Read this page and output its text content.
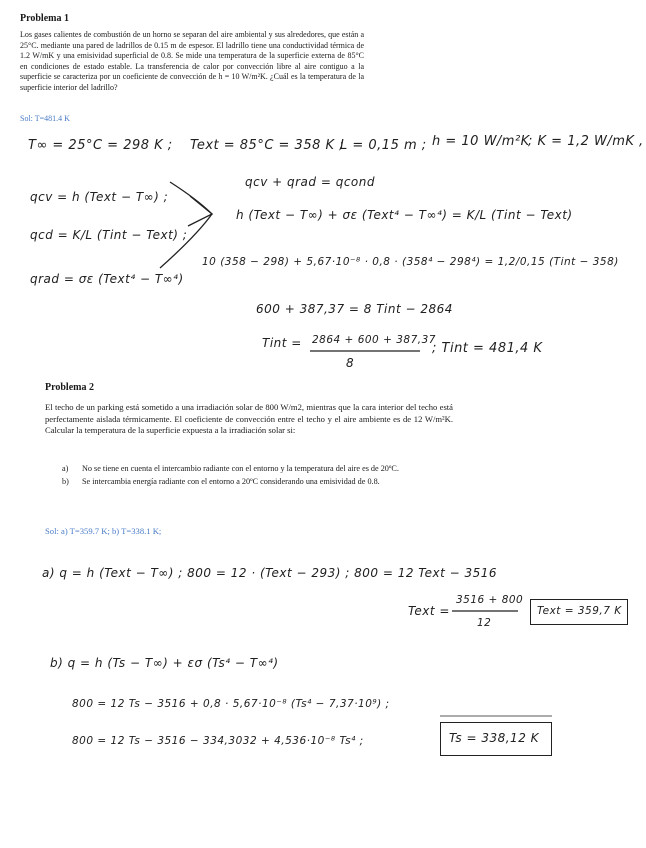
Problema 1
Los gases calientes de combustión de un horno se separan del aire ambiental y sus alrededores, que están a 25°C. mediante una pared de ladrillos de 0.15 m de espesor. El ladrillo tiene una conductividad térmica de 1.2 W/mK y una emisividad superficial de 0.8. Se mide una temperatura de la superficie externa de 85°C en condiciones de estado estable. La transferencia de calor por convección libre al aire contiguo a la superficie se caracteriza por un coeficiente de convección de h = 10 W/m²K. ¿Cuál es la temperatura de la superficie interior del ladrillo?
Sol: T=481.4 K
T∞ = 25°C = 298 K ; Text = 85°C = 358 K ;
L = 0,15 m ; h = 10 W/m²K
; K = 1,2 W/mK ,
qcv = h (Text − T∞) ;
qcd = K/L (Tint − Text) ;
qrad = σε (Text⁴ − T∞⁴)
qcv + qrad = qcond
h (Text − T∞) + σε (Text⁴ − T∞⁴) = K/L (Tint − Text)
10 (358 − 298) + 5,67·10⁻⁸ · 0,8 · (358⁴ − 298⁴) = 1,2/0,15 (Tint − 358)
600 + 387,37 = 8 Tint − 2864
Tint = 2864 + 600 + 387,37
8
; Tint = 481,4 K
Problema 2
El techo de un parking está sometido a una irradiación solar de 800 W/m2, mientras que la cara interior del techo está perfectamente aislada térmicamente. El coeficiente de convección entre el techo y el aire ambiente es de 12 W/m²K. Calcular la temperatura de la superficie expuesta a la irradiación solar si:
a) No se tiene en cuenta el intercambio radiante con el entorno y la temperatura del aire es de 20ºC.
b) Se intercambia energía radiante con el entorno a 20ºC considerando una emisividad de 0.8.
Sol: a) T=359.7 K; b) T=338.1 K;
a) q = h (Text − T∞) ; 800 = 12 · (Text − 293) ; 800 = 12 Text − 3516
Text =
3516 + 800
12
Text = 359,7 K
b) q = h (Ts − T∞) + εσ (Ts⁴ − T∞⁴)
800 = 12 Ts − 3516 + 0,8 · 5,67·10⁻⁸ (Ts⁴ − 7,37·10⁹) ;
800 = 12 Ts − 3516 − 334,3032 + 4,536·10⁻⁸ Ts⁴ ;	Ts = 338,12 K
